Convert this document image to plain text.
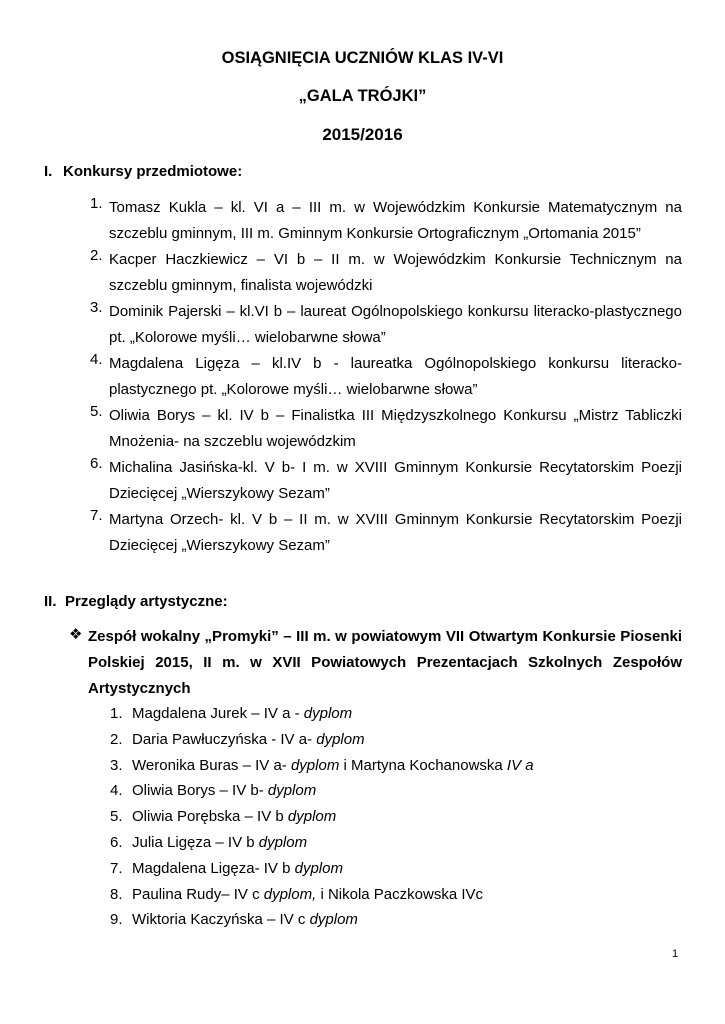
OSIĄGNIĘCIA UCZNIÓW KLAS IV-VI
„GALA TRÓJKI”
2015/2016
I. Konkursy przedmiotowe:
1. Tomasz Kukla – kl. VI a – III m. w Wojewódzkim Konkursie Matematycznym na szczeblu gminnym, III m. Gminnym Konkursie Ortograficznym „Ortomania 2015”
2. Kacper Haczkiewicz – VI b – II m. w Wojewódzkim Konkursie Technicznym na szczeblu gminnym, finalista wojewódzki
3. Dominik Pajerski – kl.VI b – laureat Ogólnopolskiego konkursu literacko-plastycznego pt. „Kolorowe myśli… wielobarwne słowa”
4. Magdalena Ligęza – kl.IV b - laureatka Ogólnopolskiego konkursu literacko-plastycznego pt. „Kolorowe myśli… wielobarwne słowa”
5. Oliwia Borys – kl. IV b – Finalistka III Międzyszkolnego Konkursu „Mistrz Tabliczki Mnożenia- na szczeblu wojewódzkim
6. Michalina Jasińska-kl. V b- I m. w XVIII Gminnym Konkursie Recytatorskim Poezji Dziecięcej „Wierszykowy Sezam”
7. Martyna Orzech- kl. V b – II m. w XVIII Gminnym Konkursie Recytatorskim Poezji Dziecięcej „Wierszykowy Sezam”
II. Przeglądy artystyczne:
❖ Zespół wokalny „Promyki” – III m. w powiatowym VII Otwartym Konkursie Piosenki Polskiej 2015, II m. w XVII Powiatowych Prezentacjach Szkolnych Zespołów Artystycznych
1. Magdalena Jurek – IV a - dyplom
2. Daria Pawłuczyńska - IV a- dyplom
3. Weronika Buras – IV a- dyplom i Martyna Kochanowska IV a
4. Oliwia Borys – IV b- dyplom
5. Oliwia Porębska – IV b dyplom
6. Julia Ligęza – IV b dyplom
7. Magdalena Ligęza- IV b dyplom
8. Paulina Rudy– IV c dyplom, i Nikola Paczkowska IVc
9. Wiktoria Kaczyńska – IV c dyplom
1
